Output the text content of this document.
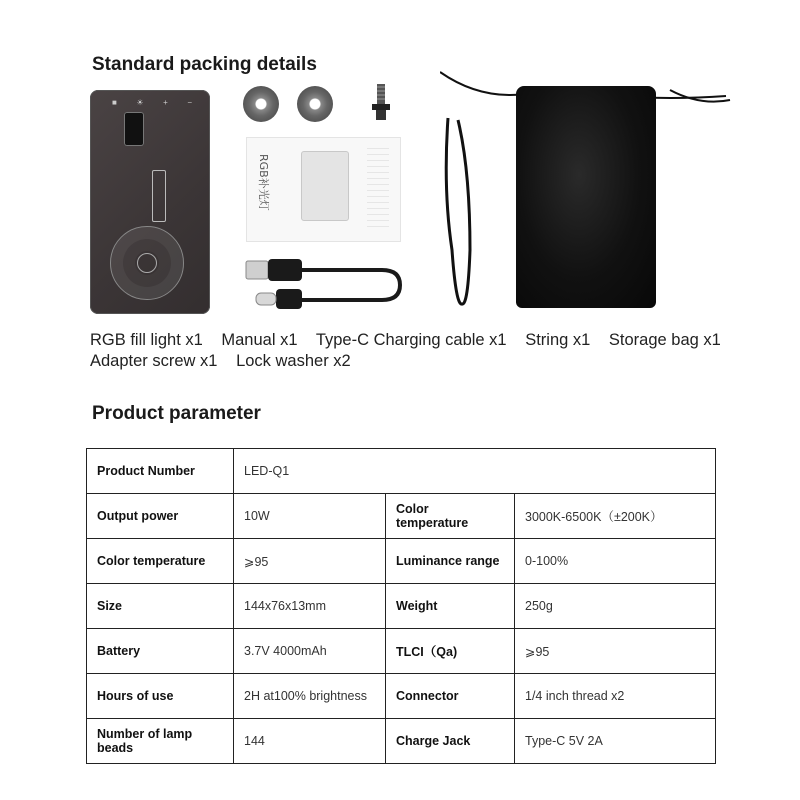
Standard packing details
■ ☀ + −
RGB补光灯
RGB fill light x1 Manual x1 Type-C Charging cable x1 String x1 Storage bag x1
Adapter screw x1 Lock washer x2
Product parameter
Product Number	LED-Q1		
Output power	10W	Color temperature	3000K-6500K（±200K）
Color temperature	⩾95	Luminance range	0-100%
Size	144x76x13mm	Weight	250g
Battery	3.7V 4000mAh	TLCI（Qa)	⩾95
Hours of use	2H at100% brightness	Connector	1/4 inch thread x2
Number of lamp beads	144	Charge Jack	Type-C 5V 2A
